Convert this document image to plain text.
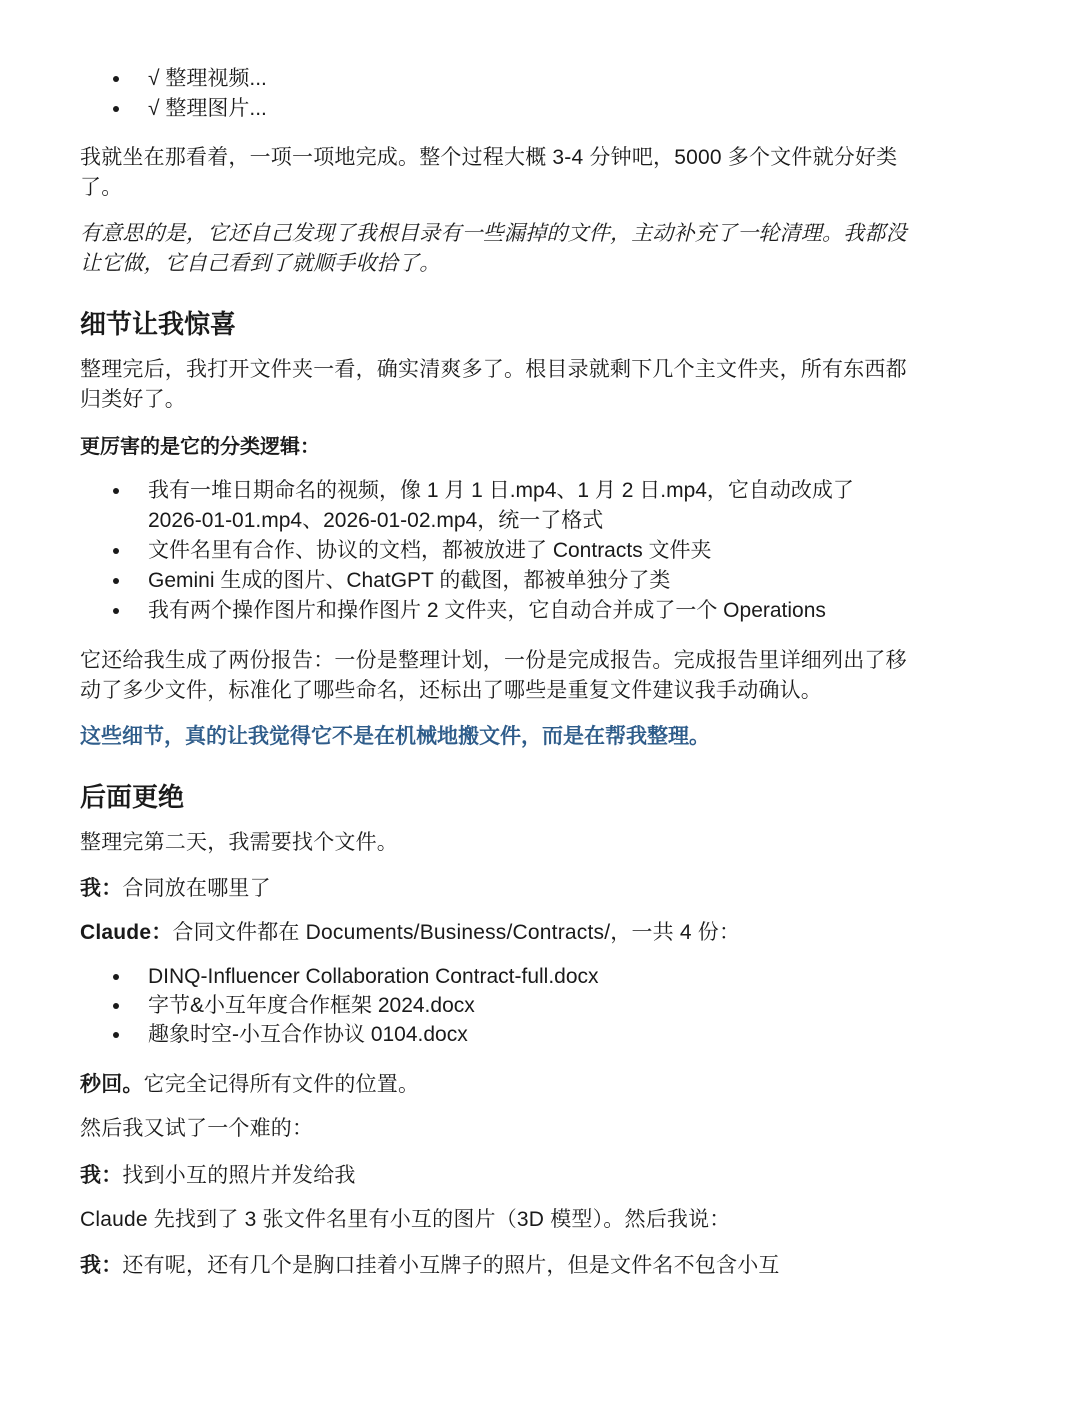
√ 整理视频...
√ 整理图片...
我就坐在那看着，一项一项地完成。整个过程大概 3-4 分钟吧，5000 多个文件就分好类
了。
有意思的是，它还自己发现了我根目录有一些漏掉的文件，主动补充了一轮清理。我都没
让它做，它自己看到了就顺手收拾了。
细节让我惊喜
整理完后，我打开文件夹一看，确实清爽多了。根目录就剩下几个主文件夹，所有东西都
归类好了。
更厉害的是它的分类逻辑：
我有一堆日期命名的视频，像 1 月 1 日.mp4、1 月 2 日.mp4，它自动改成了
2026-01-01.mp4、2026-01-02.mp4，统一了格式
文件名里有合作、协议的文档，都被放进了 Contracts 文件夹
Gemini 生成的图片、ChatGPT 的截图，都被单独分了类
我有两个操作图片和操作图片 2 文件夹，它自动合并成了一个 Operations
它还给我生成了两份报告：一份是整理计划，一份是完成报告。完成报告里详细列出了移
动了多少文件，标准化了哪些命名，还标出了哪些是重复文件建议我手动确认。
这些细节，真的让我觉得它不是在机械地搬文件，而是在帮我整理。
后面更绝
整理完第二天，我需要找个文件。
我：合同放在哪里了
Claude：合同文件都在 Documents/Business/Contracts/，一共 4 份：
DINQ-Influencer Collaboration Contract-full.docx
字节&小互年度合作框架 2024.docx
趣象时空-小互合作协议 0104.docx
秒回。它完全记得所有文件的位置。
然后我又试了一个难的：
我：找到小互的照片并发给我
Claude 先找到了 3 张文件名里有小互的图片（3D 模型）。然后我说：
我：还有呢，还有几个是胸口挂着小互牌子的照片，但是文件名不包含小互
